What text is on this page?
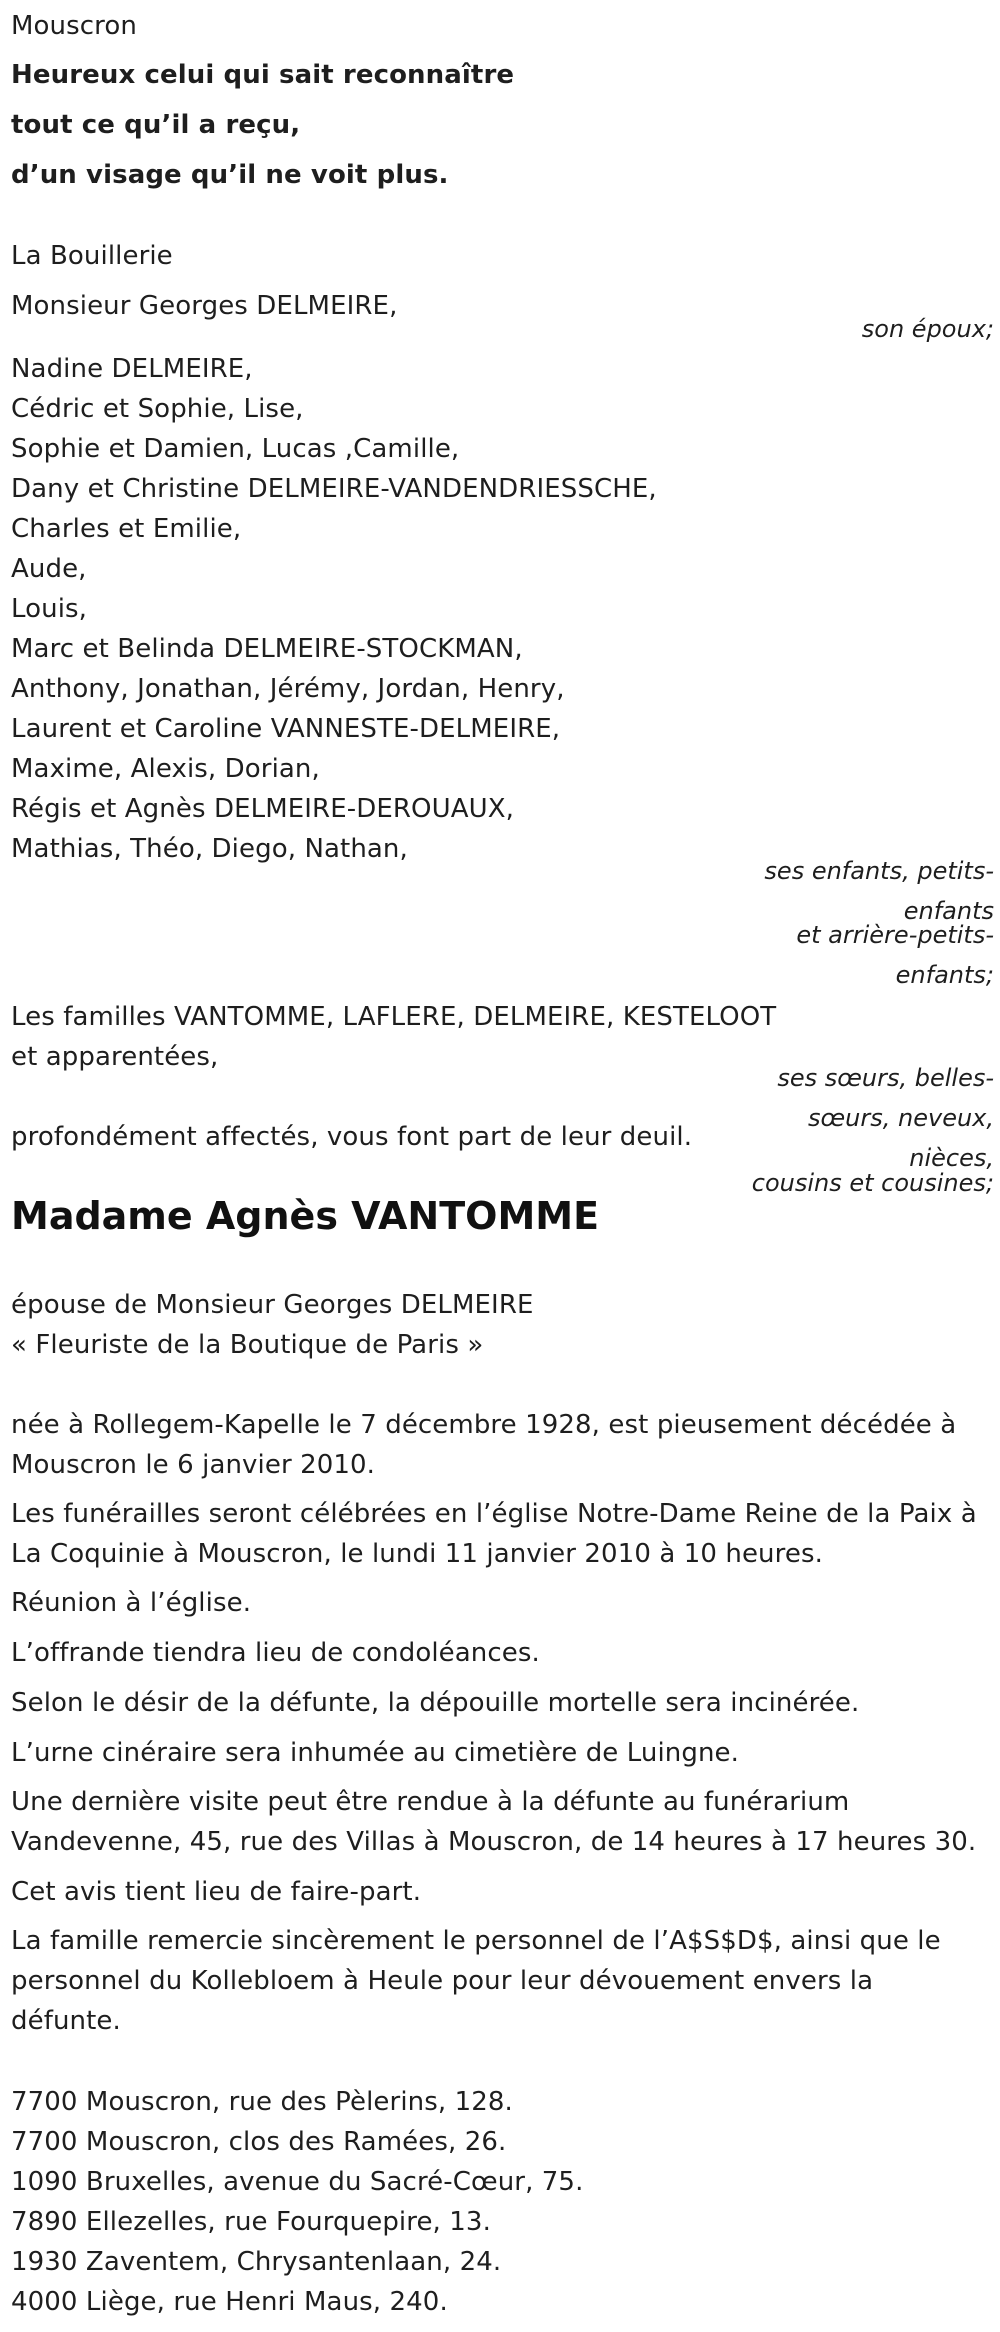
Mouscron
Heureux celui qui sait reconnaître
tout ce qu’il a reçu,
d’un visage qu’il ne voit plus.
La Bouillerie
Monsieur Georges DELMEIRE,
son époux;
Nadine DELMEIRE,
Cédric et Sophie, Lise,
Sophie et Damien, Lucas ,Camille,
Dany et Christine DELMEIRE-VANDENDRIESSCHE,
Charles et Emilie,
Aude,
Louis,
Marc et Belinda DELMEIRE-STOCKMAN,
Anthony, Jonathan, Jérémy, Jordan, Henry,
Laurent et Caroline VANNESTE-DELMEIRE,
Maxime, Alexis, Dorian,
Régis et Agnès DELMEIRE-DEROUAUX,
Mathias, Théo, Diego, Nathan,
ses enfants, petits-
enfants
et arrière-petits-
enfants;
Les familles VANTOMME, LAFLERE, DELMEIRE, KESTELOOT
et apparentées,
ses sœurs, belles-
sœurs, neveux,
nièces,
cousins et cousines;
profondément affectés, vous font part de leur deuil.
Madame Agnès VANTOMME
épouse de Monsieur Georges DELMEIRE
« Fleuriste de la Boutique de Paris »
née à Rollegem-Kapelle le 7 décembre 1928, est pieusement décédée à
Mouscron le 6 janvier 2010.
Les funérailles seront célébrées en l’église Notre-Dame Reine de la Paix à
La Coquinie à Mouscron, le lundi 11 janvier 2010 à 10 heures.
Réunion à l’église.
L’offrande tiendra lieu de condoléances.
Selon le désir de la défunte, la dépouille mortelle sera incinérée.
L’urne cinéraire sera inhumée au cimetière de Luingne.
Une dernière visite peut être rendue à la défunte au funérarium
Vandevenne, 45, rue des Villas à Mouscron, de 14 heures à 17 heures 30.
Cet avis tient lieu de faire-part.
La famille remercie sincèrement le personnel de l’A$S$D$, ainsi que le
personnel du Kollebloem à Heule pour leur dévouement envers la
défunte.
7700 Mouscron, rue des Pèlerins, 128.
7700 Mouscron, clos des Ramées, 26.
1090 Bruxelles, avenue du Sacré-Cœur, 75.
7890 Ellezelles, rue Fourquepire, 13.
1930 Zaventem, Chrysantenlaan, 24.
4000 Liège, rue Henri Maus, 240.
